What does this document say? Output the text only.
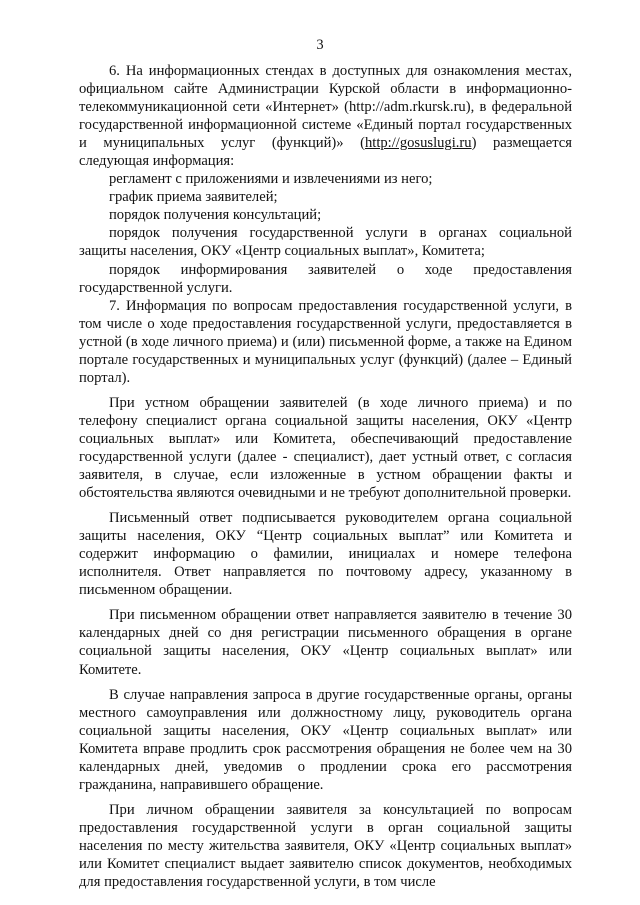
3

6. На информационных стендах в доступных для ознакомления местах, официальном сайте Администрации Курской области в информационно-телекоммуникационной сети «Интернет» (http://adm.rkursk.ru), в федеральной государственной информационной системе «Единый портал государственных и муниципальных услуг (функций)» (http://gosuslugi.ru) размещается следующая информация:

регламент с приложениями и извлечениями из него;

график приема заявителей;

порядок получения консультаций;

порядок получения государственной услуги в органах социальной защиты населения, ОКУ «Центр социальных выплат», Комитета;

порядок информирования заявителей о ходе предоставления государственной услуги.

7. Информация по вопросам предоставления государственной услуги, в том числе о ходе предоставления государственной услуги, предоставляется в устной (в ходе личного приема) и (или) письменной форме, а также на Едином портале государственных и муниципальных услуг (функций) (далее – Единый портал).

При устном обращении заявителей (в ходе личного приема) и по телефону специалист органа социальной защиты населения, ОКУ «Центр социальных выплат» или Комитета, обеспечивающий предоставление государственной услуги (далее - специалист), дает устный ответ, с согласия заявителя, в случае, если изложенные в устном обращении факты и обстоятельства являются очевидными и не требуют дополнительной проверки.

Письменный ответ подписывается руководителем органа социальной защиты населения, ОКУ “Центр социальных выплат” или Комитета и содержит информацию о фамилии, инициалах и номере телефона исполнителя. Ответ направляется по почтовому адресу, указанному в письменном обращении.

При письменном обращении ответ направляется заявителю в течение 30 календарных дней со дня регистрации письменного обращения в органе социальной защиты населения, ОКУ «Центр социальных выплат» или Комитете.

В случае направления запроса в другие государственные органы, органы местного самоуправления или должностному лицу, руководитель органа социальной защиты населения, ОКУ «Центр социальных выплат» или Комитета вправе продлить срок рассмотрения обращения не более чем на 30 календарных дней, уведомив о продлении срока его рассмотрения гражданина, направившего обращение.

При личном обращении заявителя за консультацией по вопросам предоставления государственной услуги в орган социальной защиты населения по месту жительства заявителя, ОКУ «Центр социальных выплат» или Комитет специалист выдает заявителю список документов, необходимых для предоставления государственной услуги, в том числе
